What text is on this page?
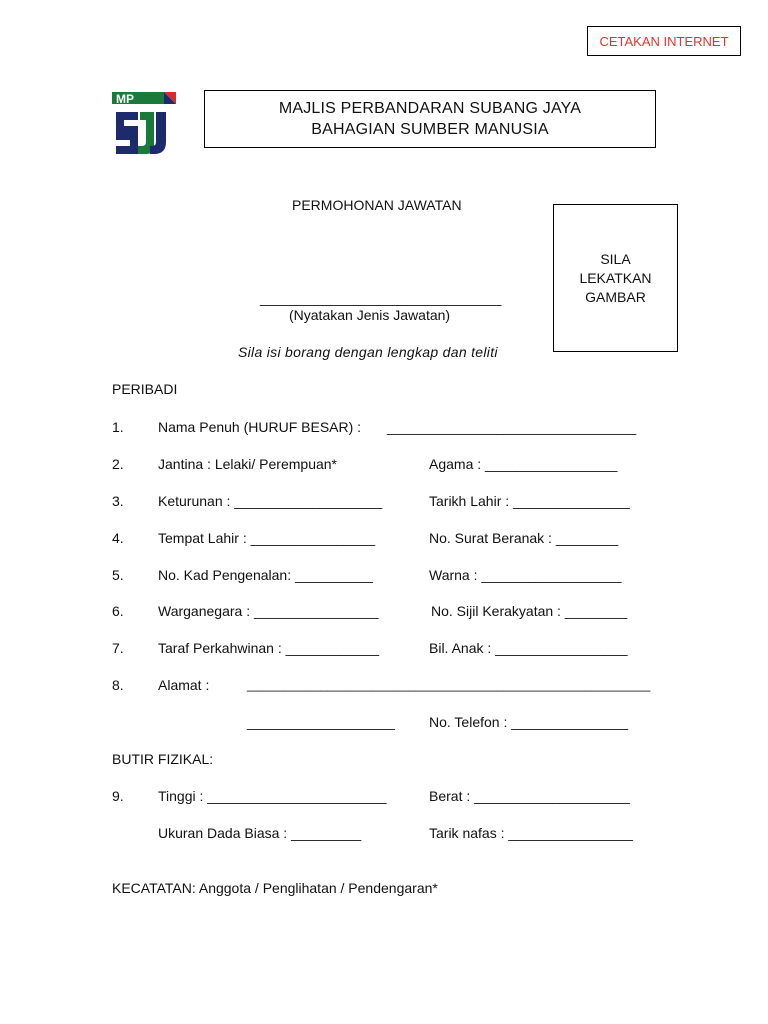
CETAKAN INTERNET
MP
MAJLIS PERBANDARAN SUBANG JAYA
BAHAGIAN SUMBER MANUSIA
PERMOHONAN JAWATAN
SILA
LEKATKAN
GAMBAR
_______________________________
(Nyatakan Jenis Jawatan)
Sila isi borang dengan lengkap dan teliti
PERIBADI
1. Nama Penuh (HURUF BESAR) : ________________________________
2. Jantina : Lelaki/ Perempuan*	Agama : _________________
3. Keturunan : ___________________	Tarikh Lahir : _______________
4. Tempat Lahir : ________________	No. Surat Beranak : ________
5. No. Kad Pengenalan: __________	Warna : __________________
6. Warganegara : ________________	No. Sijil Kerakyatan : ________
7. Taraf Perkahwinan : ____________	Bil. Anak : _________________
8. Alamat :	_______________________________________________________
___________________ No. Telefon : _______________
BUTIR FIZIKAL:
9. Tinggi : _______________________	Berat : ____________________
Ukuran Dada Biasa : _________	Tarik nafas : ________________
KECATATAN: Anggota / Penglihatan / Pendengaran*
